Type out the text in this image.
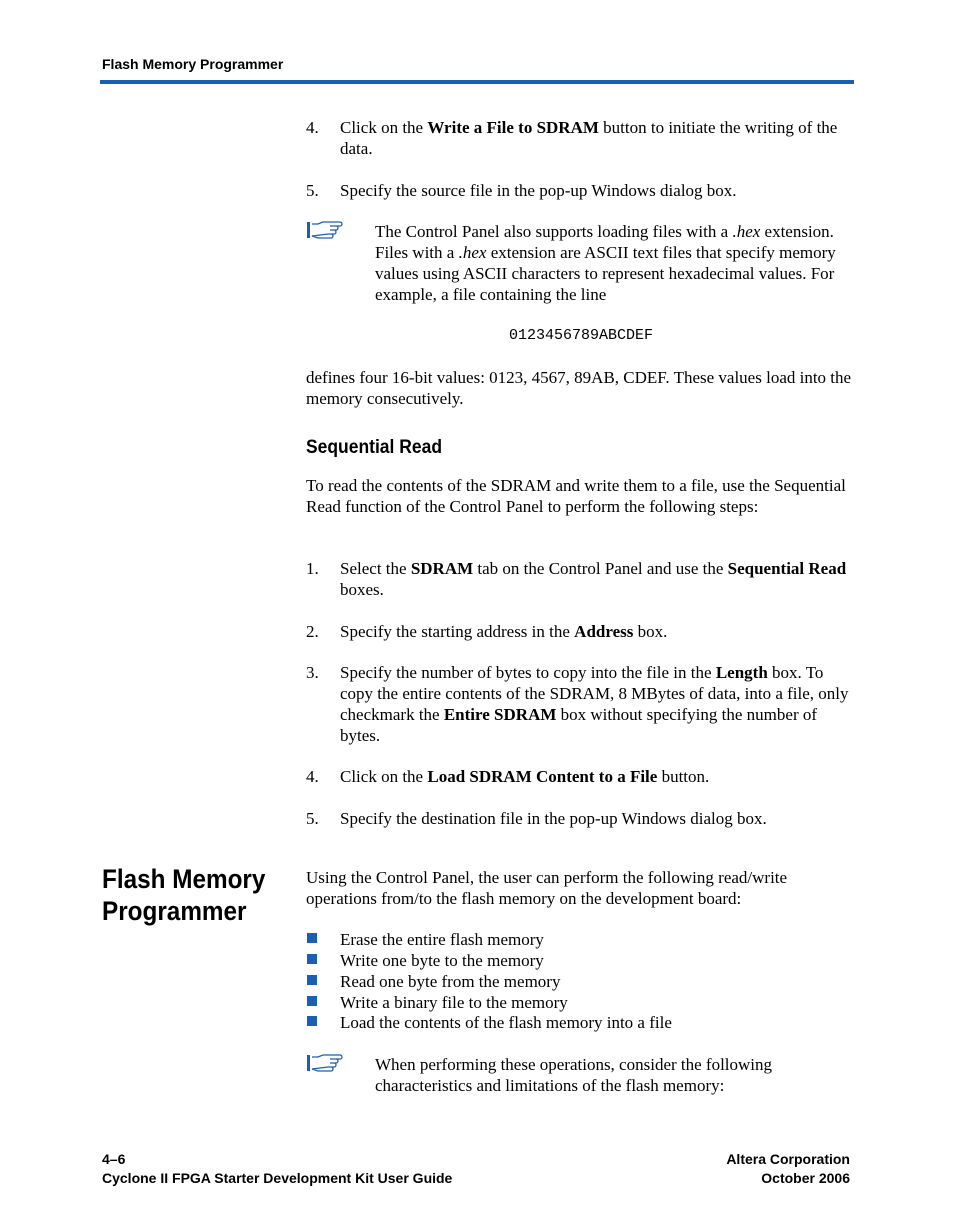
Flash Memory Programmer
4. Click on the Write a File to SDRAM button to initiate the writing of the data.
5. Specify the source file in the pop-up Windows dialog box.
The Control Panel also supports loading files with a .hex extension. Files with a .hex extension are ASCII text files that specify memory values using ASCII characters to represent hexadecimal values. For example, a file containing the line
0123456789ABCDEF
defines four 16-bit values: 0123, 4567, 89AB, CDEF. These values load into the memory consecutively.
Sequential Read
To read the contents of the SDRAM and write them to a file, use the Sequential Read function of the Control Panel to perform the following steps:
1. Select the SDRAM tab on the Control Panel and use the Sequential Read boxes.
2. Specify the starting address in the Address box.
3. Specify the number of bytes to copy into the file in the Length box. To copy the entire contents of the SDRAM, 8 MBytes of data, into a file, only checkmark the Entire SDRAM box without specifying the number of bytes.
4. Click on the Load SDRAM Content to a File button.
5. Specify the destination file in the pop-up Windows dialog box.
Flash Memory Programmer
Using the Control Panel, the user can perform the following read/write operations from/to the flash memory on the development board:
Erase the entire flash memory
Write one byte to the memory
Read one byte from the memory
Write a binary file to the memory
Load the contents of the flash memory into a file
When performing these operations, consider the following characteristics and limitations of the flash memory:
4–6
Cyclone II FPGA Starter Development Kit User Guide
Altera Corporation
October 2006
